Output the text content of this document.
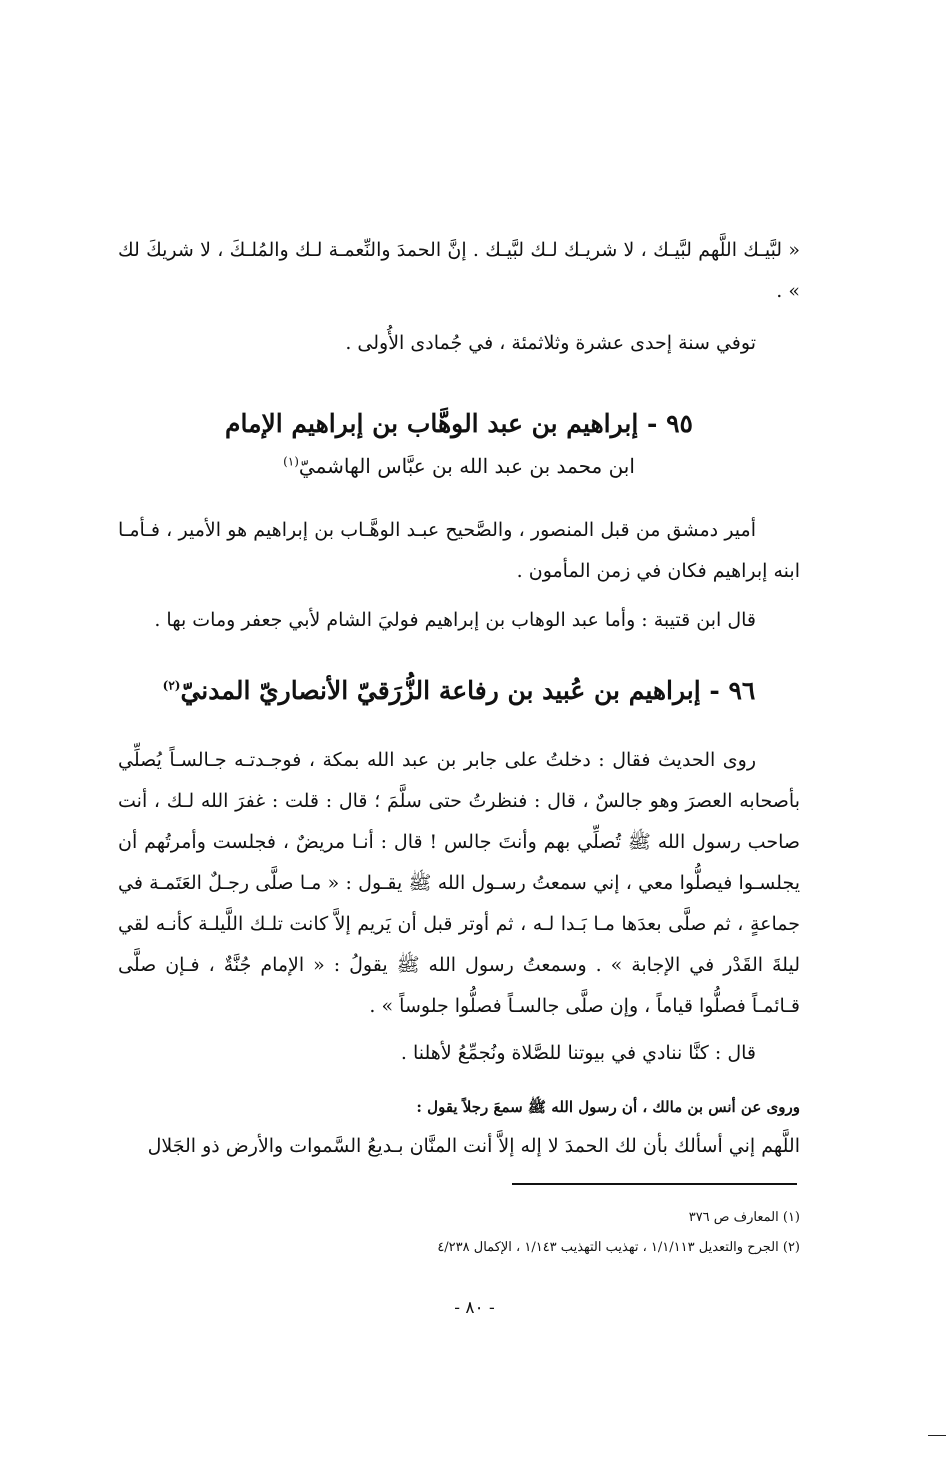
« لبَّيـك اللَّهم لبَّيـك ، لا شريـك لـك لبَّيـك . إنَّ الحمدَ والنِّعمـة لـك والمُلـكَ ، لا شريكَ لك » .
توفي سنة إحدى عشرة وثلاثمئة ، في جُمادى الأُولى .
٩٥ - إبراهيم بن عبد الوهَّاب بن إبراهيم الإمام
ابن محمد بن عبد الله بن عبَّاس الهاشميّ$^{(١)}$
أمير دمشق من قبل المنصور ، والصَّحيح عبـد الوهَّـاب بن إبراهيم هو الأمير ، فـأمـا ابنه إبراهيم فكان في زمن المأمون .
قال ابن قتيبة : وأما عبد الوهاب بن إبراهيم فوليَ الشام لأبي جعفر ومات بها .
٩٦ - إبراهيم بن عُبيد بن رفاعة الزُّرَقيّ الأنصاريّ المدنيّ$^{(٢)}$
روى الحديث فقال : دخلتُ على جابر بن عبد الله بمكة ، فوجـدتـه جـالسـاً يُصلِّي بأصحابه العصرَ وهو جالسٌ ، قال : فنظرتُ حتى سلَّمَ ؛ قال : قلت : غفرَ الله لـك ، أنت صاحب رسول الله ﷺ تُصلِّي بهم وأنتَ جالس ! قال : أنـا مريضٌ ، فجلست وأمرتُهم أن يجلسـوا فيصلُّوا معي ، إني سمعتُ رسـول الله ﷺ يقـول : « مـا صلَّى رجـلٌ العَتَمـة في جماعةٍ ، ثم صلَّى بعدَها مـا بَـدا لـه ، ثم أوتر قبل أن يَريم إلاَّ كانت تلـك اللَّيلـة كأنـه لقي ليلةَ القَدْر في الإجابة » . وسمعتُ رسول الله ﷺ يقولُ : « الإمام جُنَّةٌ ، فـإن صلَّى قـائمـاً فصلُّوا قياماً ، وإن صلَّى جالسـاً فصلُّوا جلوساً » .
قال : كنَّا ننادي في بيوتنا للصَّلاة ونُجمِّعُ لأهلنا .
وروى عن أنس بن مالك ، أن رسول الله ﷺ سمعَ رجلاً يقول :
اللَّهم إني أسألك بأن لك الحمدَ لا إله إلاَّ أنت المنَّان بـديعُ السَّموات والأرض ذو الجَلال
(١) المعارف ص ٣٧٦
(٢) الجرح والتعديل ١/١/١١٣ ، تهذيب التهذيب ١/١٤٣ ، الإكمال ٤/٢٣٨
- ٨٠ -
